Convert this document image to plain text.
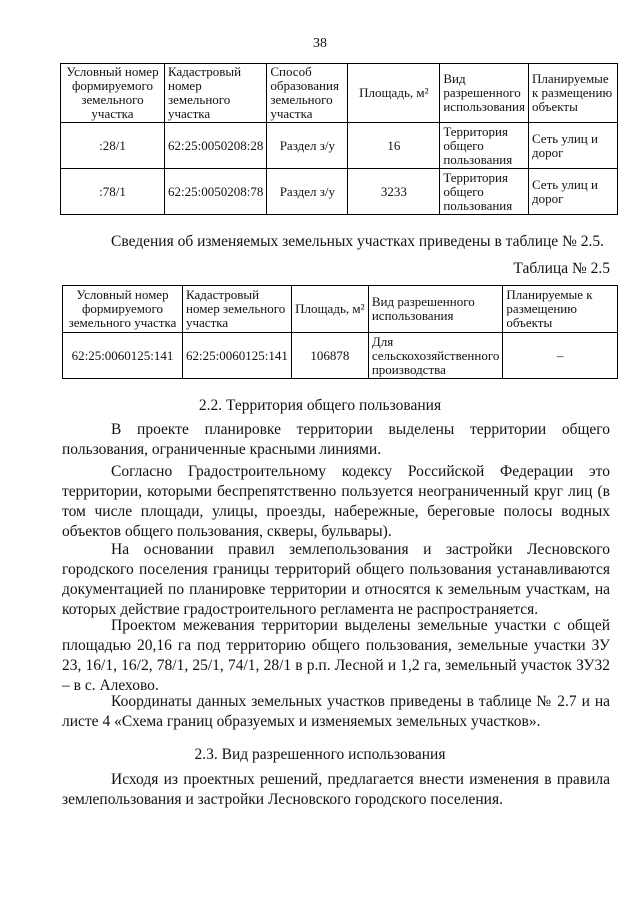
38
Условный номер формируемого земельного участка	Кадастровый номер земельного участка	Способ образования земельного участка	Площадь, м²	Вид разрешенного использования	Планируемые к размещению объекты
:28/1	62:25:0050208:28	Раздел з/у	16	Территория общего пользования	Сеть улиц и дорог
:78/1	62:25:0050208:78	Раздел з/у	3233	Территория общего пользования	Сеть улиц и дорог

Сведения об изменяемых земельных участках приведены в таблице № 2.5.

Таблица № 2.5
Условный номер формируемого земельного участка	Кадастровый номер земельного участка	Площадь, м²	Вид разрешенного использования	Планируемые к размещению объекты
62:25:0060125:141	62:25:0060125:141	106878	Для сельскохозяйственного производства	–
2.2. Территория общего пользования

В проекте планировке территории выделены территории общего пользования, ограниченные красными линиями.

Согласно Градостроительному кодексу Российской Федерации это территории, которыми беспрепятственно пользуется неограниченный круг лиц (в том числе площади, улицы, проезды, набережные, береговые полосы водных объектов общего пользования, скверы, бульвары).

На основании правил землепользования и застройки Лесновского городского поселения границы территорий общего пользования устанавливаются документацией по планировке территории и относятся к земельным участкам, на которых действие градостроительного регламента не распространяется.

Проектом межевания территории выделены земельные участки с общей площадью 20,16 га под территорию общего пользования, земельные участки ЗУ 23, 16/1, 16/2, 78/1, 25/1, 74/1, 28/1 в р.п. Лесной и 1,2 га, земельный участок ЗУ32 – в с. Алехово.

Координаты данных земельных участков приведены в таблице № 2.7 и на листе 4 «Схема границ образуемых и изменяемых земельных участков».

2.3. Вид разрешенного использования

Исходя из проектных решений, предлагается внести изменения в правила землепользования и застройки Лесновского городского поселения.
